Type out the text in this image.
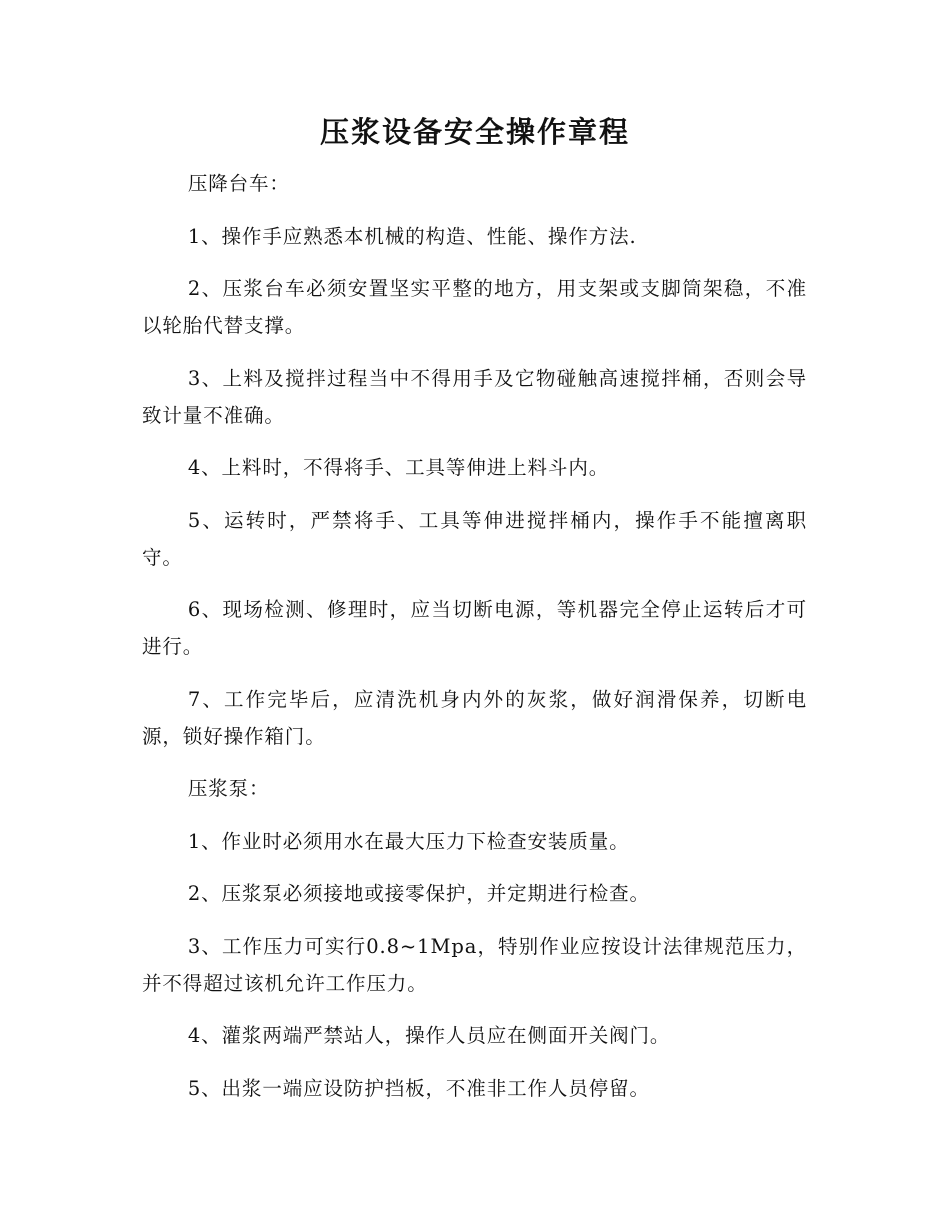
压浆设备安全操作章程

压降台车：

1、操作手应熟悉本机械的构造、性能、操作方法.

2、压浆台车必须安置坚实平整的地方，用支架或支脚筒架稳，不准以轮胎代替支撑。

3、上料及搅拌过程当中不得用手及它物碰触高速搅拌桶，否则会导致计量不准确。

4、上料时，不得将手、工具等伸进上料斗内。

5、运转时，严禁将手、工具等伸进搅拌桶内，操作手不能擅离职守。

6、现场检测、修理时，应当切断电源，等机器完全停止运转后才可进行。

7、工作完毕后，应清洗机身内外的灰浆，做好润滑保养，切断电源，锁好操作箱门。

压浆泵：

1、作业时必须用水在最大压力下检查安装质量。

2、压浆泵必须接地或接零保护，并定期进行检查。

3、工作压力可实行0.8~1Mpa，特别作业应按设计法律规范压力，并不得超过该机允许工作压力。

4、灌浆两端严禁站人，操作人员应在侧面开关阀门。

5、出浆一端应设防护挡板，不准非工作人员停留。
